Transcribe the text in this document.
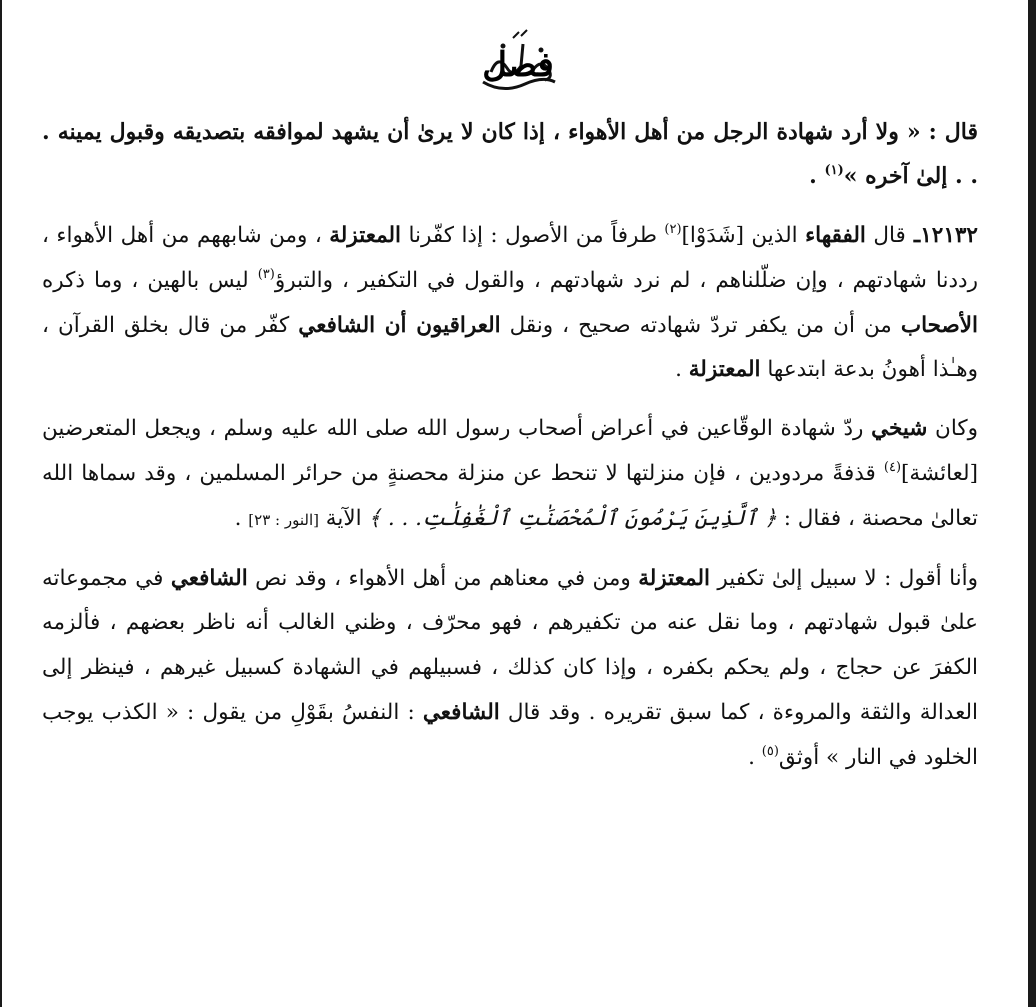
فصل

قال : « ولا أرد شهادة الرجل من أهل الأهواء ، إذا كان لا يرىٰ أن يشهد لموافقه بتصديقه وقبول يمينه . . . إلىٰ آخره »$^{(١)}$ .

١٢١٣٢ـ قال الفقهاء الذين [شَدَوْا]$^{(٢)}$ طرفاً من الأصول : إذا كفّرنا المعتزلة ، ومن شابههم من أهل الأهواء ، رددنا شهادتهم ، وإن ضلّلناهم ، لم نرد شهادتهم ، والقول في التكفير ، والتبرؤ$^{(٣)}$ ليس بالهين ، وما ذكره الأصحاب من أن من يكفر تردّ شهادته صحيح ، ونقل العراقيون أن الشافعي كفّر من قال بخلق القرآن ، وهـٰذا أهونُ بدعة ابتدعها المعتزلة .

وكان شيخي ردّ شهادة الوقّاعين في أعراض أصحاب رسول الله صلى الله عليه وسلم ، ويجعل المتعرضين [لعائشة]$^{(٤)}$ قذفةً مردودين ، فإن منزلتها لا تنحط عن منزلة محصنةٍ من حرائر المسلمين ، وقد سماها الله تعالىٰ محصنة ، فقال : ﴿ ٱلَّذِينَ يَرْمُونَ ٱلْمُحْصَنَٰتِ ٱلْغَٰفِلَٰتِ. . . ﴾ الآية [النور : ٢٣] .

وأنا أقول : لا سبيل إلىٰ تكفير المعتزلة ومن في معناهم من أهل الأهواء ، وقد نص الشافعي في مجموعاته علىٰ قبول شهادتهم ، وما نقل عنه من تكفيرهم ، فهو محرّف ، وظني الغالب أنه ناظر بعضهم ، فألزمه الكفرَ عن حجاج ، ولم يحكم بكفره ، وإذا كان كذلك ، فسبيلهم في الشهادة كسبيل غيرهم ، فينظر إلى العدالة والثقة والمروءة ، كما سبق تقريره . وقد قال الشافعي : النفسُ بقَوْلِ من يقول : « الكذب يوجب الخلود في النار » أوثق$^{(٥)}$ .
